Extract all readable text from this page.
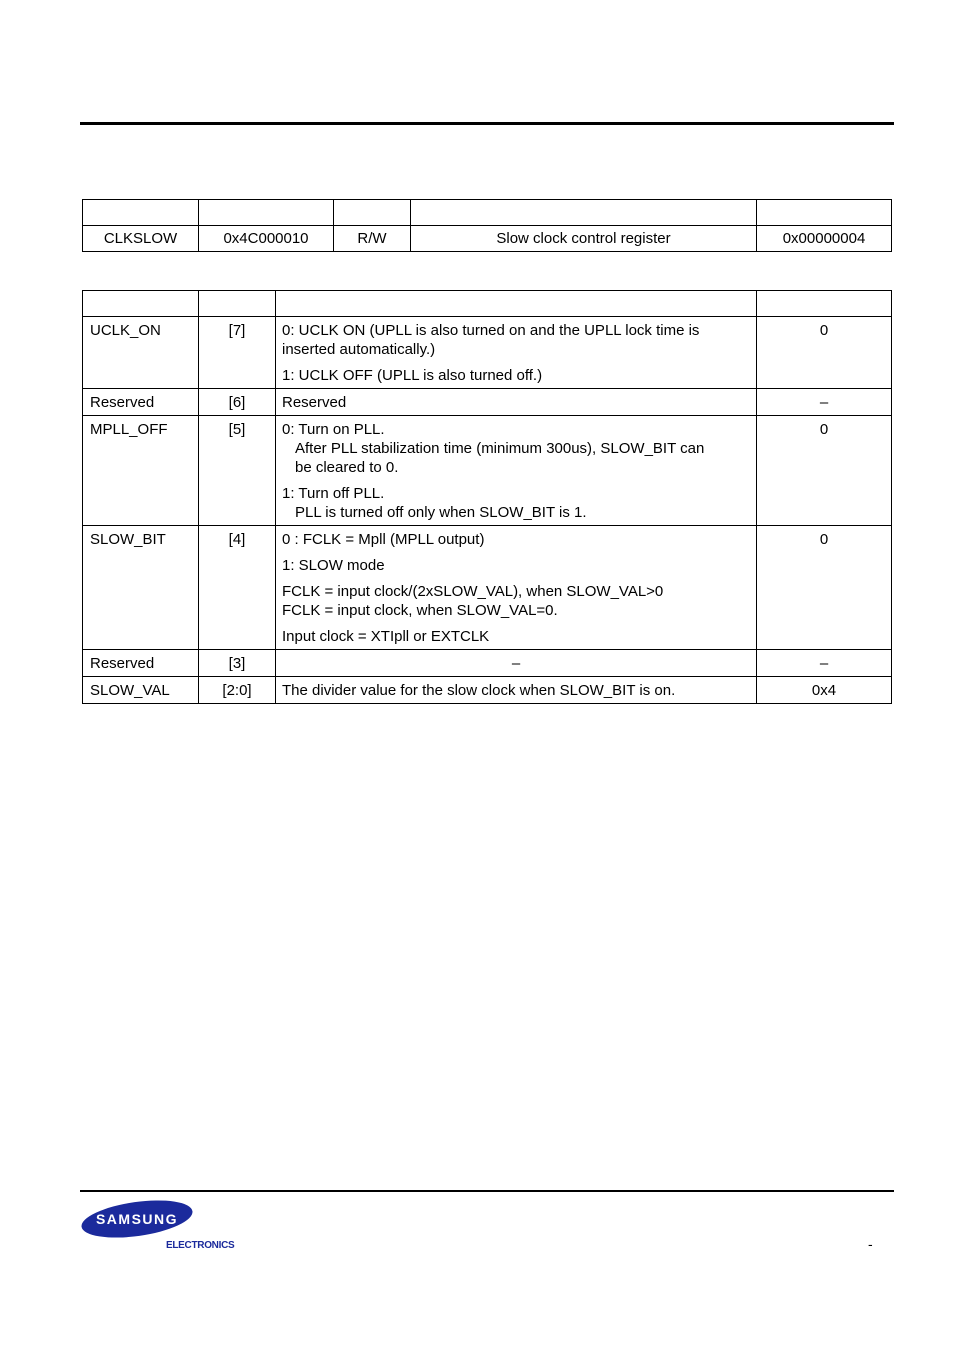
CLKSLOW	0x4C000010	R/W	Slow clock control register	0x00000004

UCLK_ON	[7]	0: UCLK ON (UPLL is also turned on and the UPLL lock time is inserted automatically.)
1: UCLK OFF (UPLL is also turned off.)	0
Reserved	[6]	Reserved	–
MPLL_OFF	[5]	0: Turn on PLL.
After PLL stabilization time (minimum 300us), SLOW_BIT can be cleared to 0.
1: Turn off PLL.
PLL is turned off only when SLOW_BIT is 1.	0
SLOW_BIT	[4]	0 : FCLK = Mpll (MPLL output)
1: SLOW mode
FCLK = input clock/(2xSLOW_VAL), when SLOW_VAL>0
FCLK = input clock, when SLOW_VAL=0.
Input clock = XTIpll or EXTCLK	0
Reserved	[3]	–	–
SLOW_VAL	[2:0]	The divider value for the slow clock when SLOW_BIT is on.	0x4
SAMSUNG
ELECTRONICS	-
